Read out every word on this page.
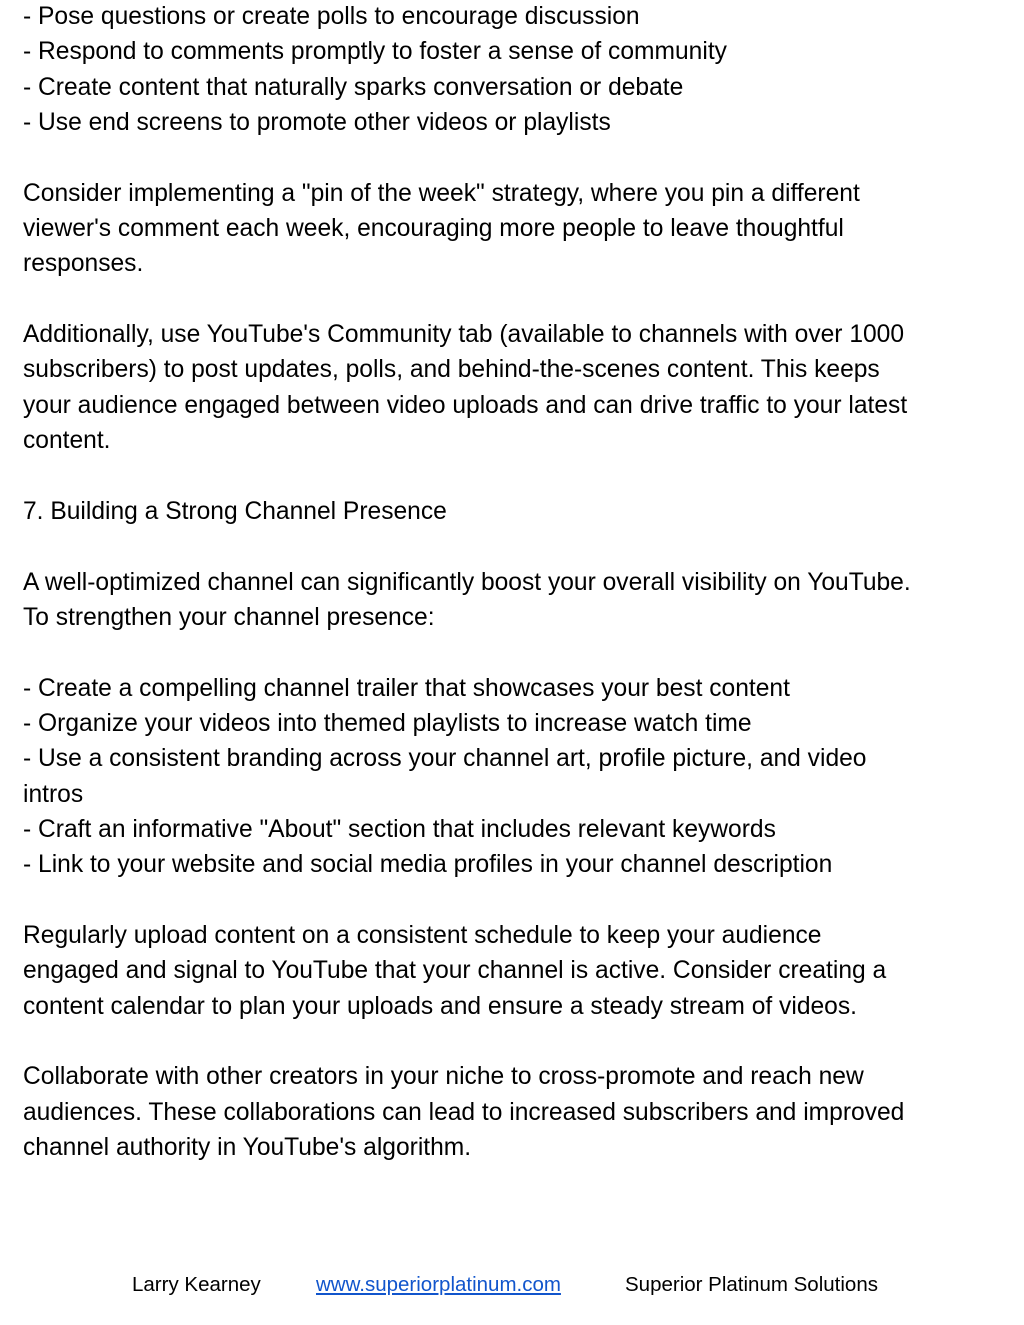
- Pose questions or create polls to encourage discussion
- Respond to comments promptly to foster a sense of community
- Create content that naturally sparks conversation or debate
- Use end screens to promote other videos or playlists
Consider implementing a "pin of the week" strategy, where you pin a different
viewer's comment each week, encouraging more people to leave thoughtful
responses.
Additionally, use YouTube's Community tab (available to channels with over 1000
subscribers) to post updates, polls, and behind-the-scenes content. This keeps
your audience engaged between video uploads and can drive traffic to your latest
content.
7. Building a Strong Channel Presence
A well-optimized channel can significantly boost your overall visibility on YouTube.
To strengthen your channel presence:
- Create a compelling channel trailer that showcases your best content
- Organize your videos into themed playlists to increase watch time
- Use a consistent branding across your channel art, profile picture, and video
intros
- Craft an informative "About" section that includes relevant keywords
- Link to your website and social media profiles in your channel description
Regularly upload content on a consistent schedule to keep your audience
engaged and signal to YouTube that your channel is active. Consider creating a
content calendar to plan your uploads and ensure a steady stream of videos.
Collaborate with other creators in your niche to cross-promote and reach new
audiences. These collaborations can lead to increased subscribers and improved
channel authority in YouTube's algorithm.
Larry Kearney	www.superiorplatinum.com	Superior Platinum Solutions
